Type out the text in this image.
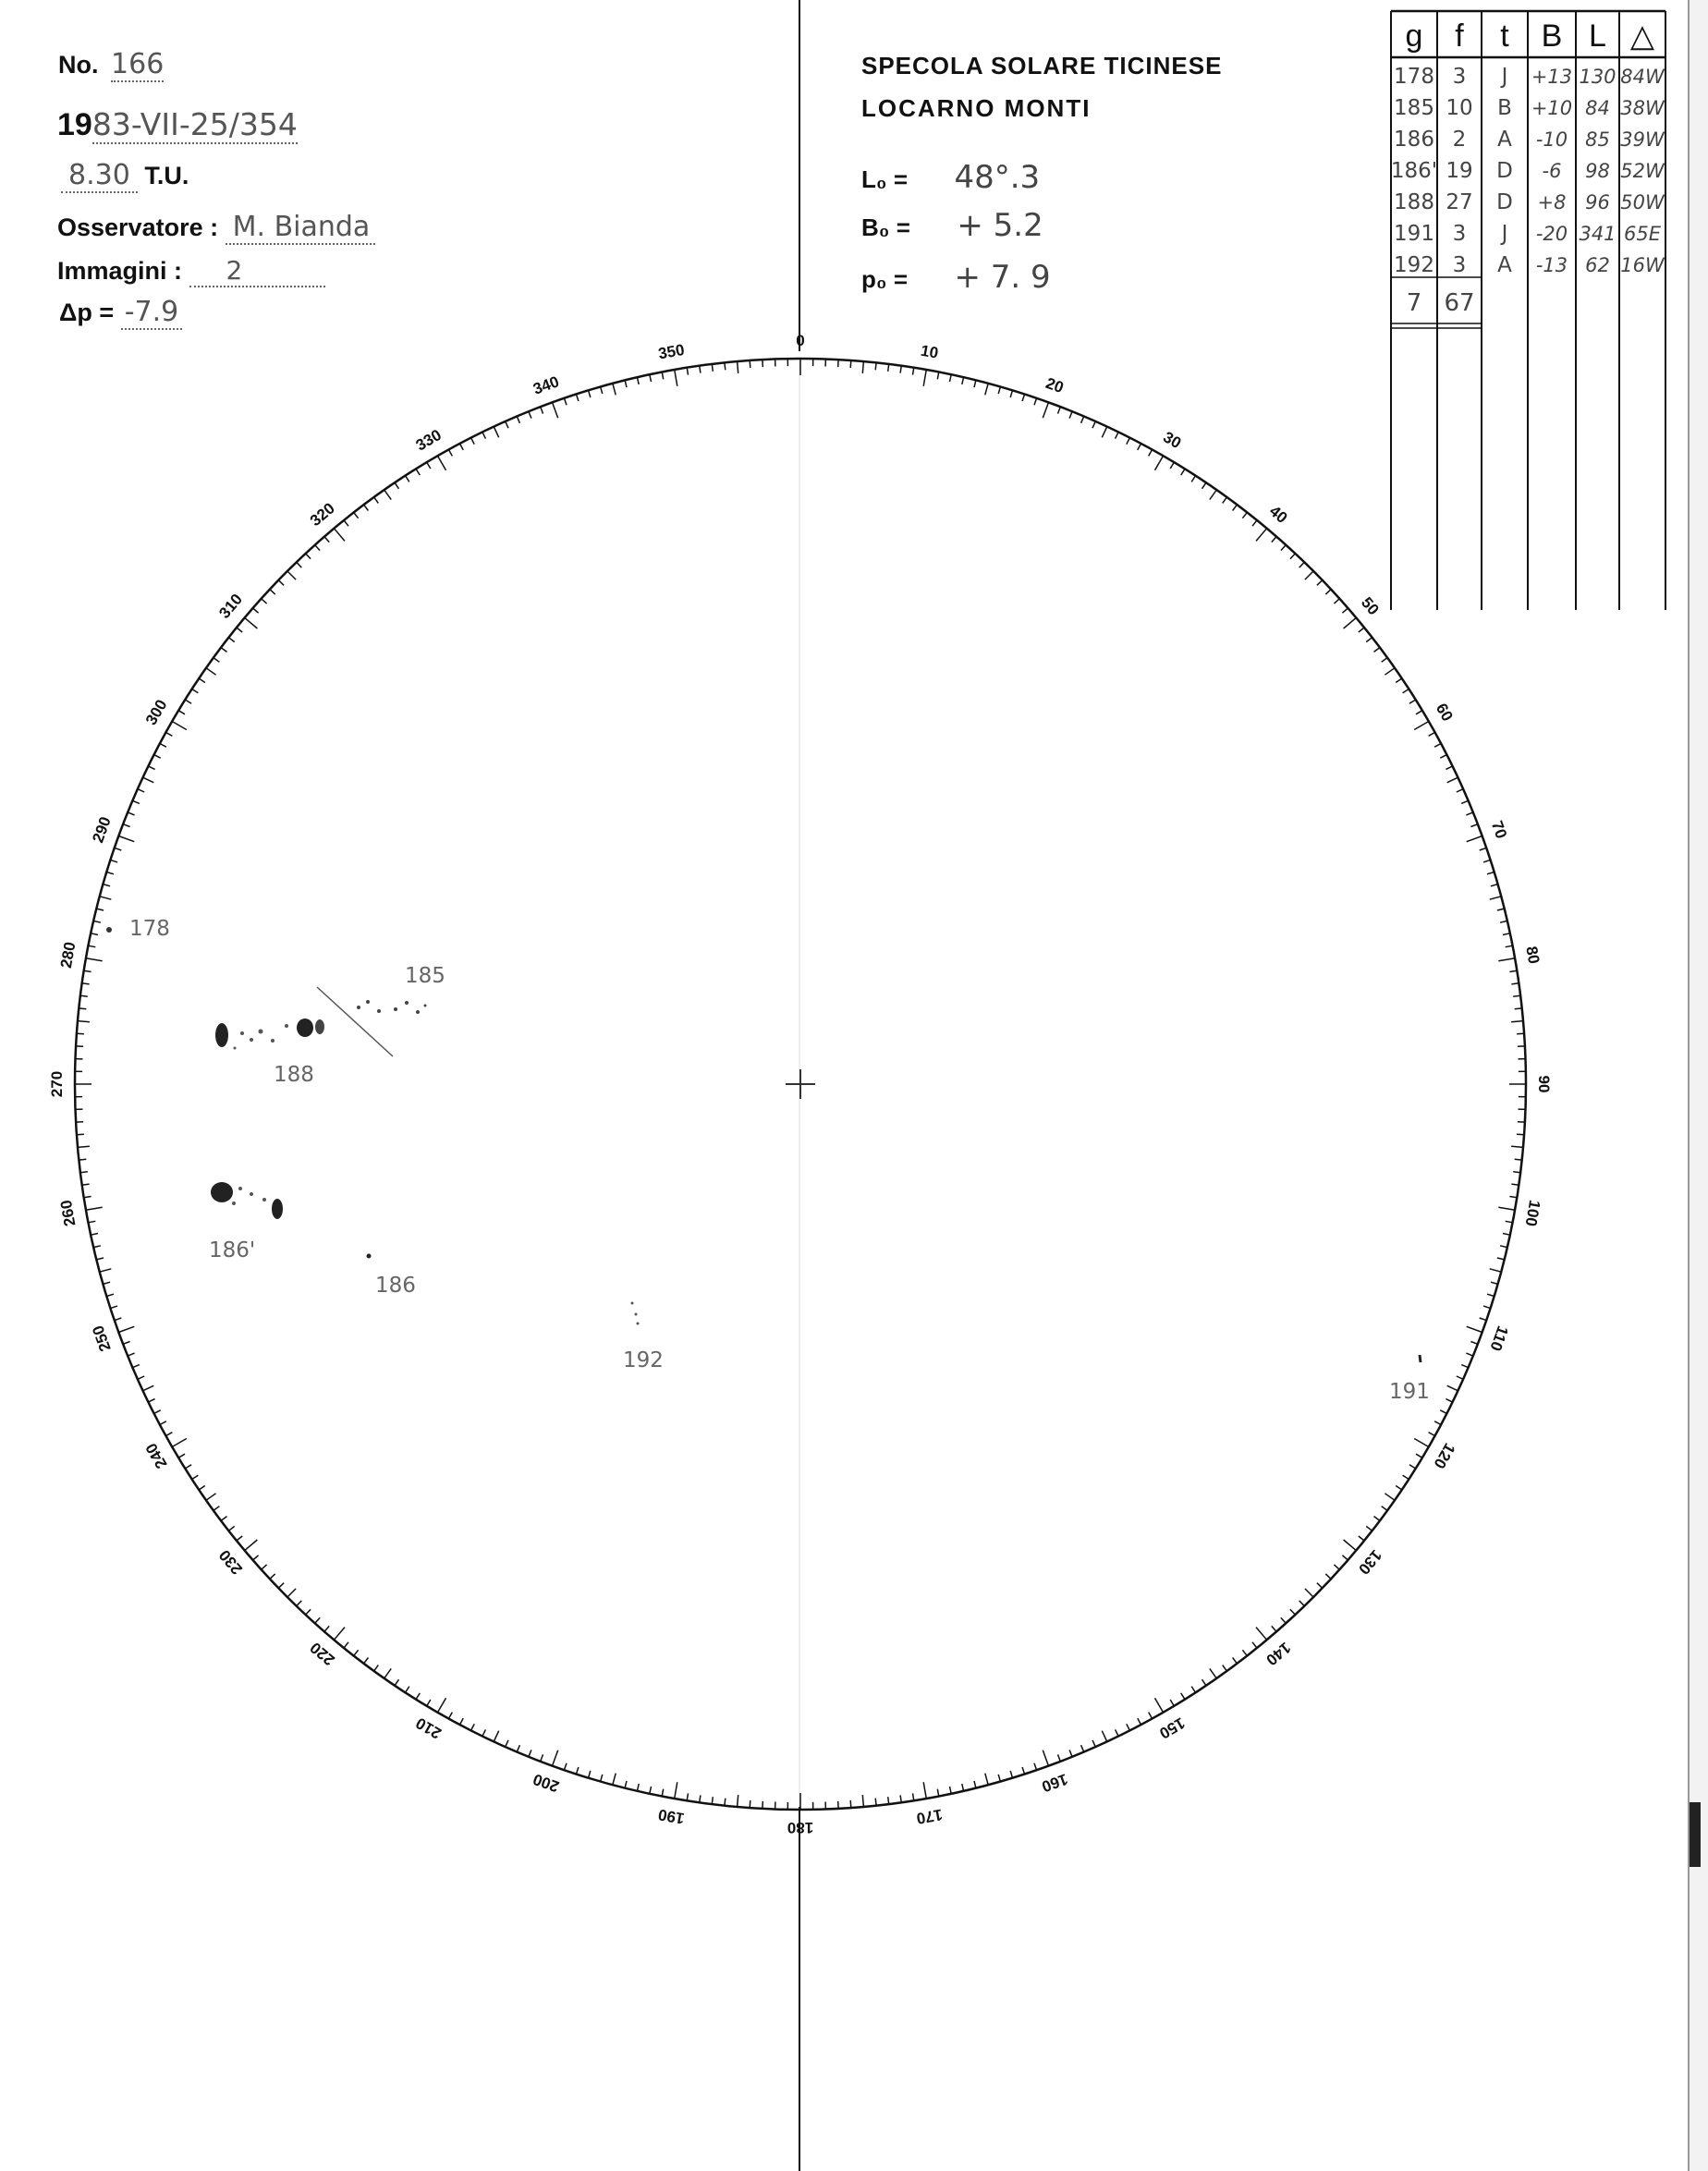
No. 166
1983-VII-25/354
8.30 T.U.
Osservatore : M. Bianda
Immagini : 2
Δp = -7.9
SPECOLA SOLARE TICINESE
LOCARNO MONTI
L₀ = 48°.3
B₀ = + 5.2
p₀ = + 7. 9
g f t B L △
178 3 J +13 130 84W
185 10 B +10 84 38W
186 2 A -10 85 39W
186' 19 D -6 98 52W
188 27 D +8 96 50W
191 3 J -20 341 65E
192 3 A -13 62 16W
7 67
0
10
20
30
40
50
60
70
80
90
100
110
120
130
140
150
160
170
180
190
200
210
220
230
240
250
260
270
280
290
300
310
320
330
340
350
178
185
188
186'
186
192
191
